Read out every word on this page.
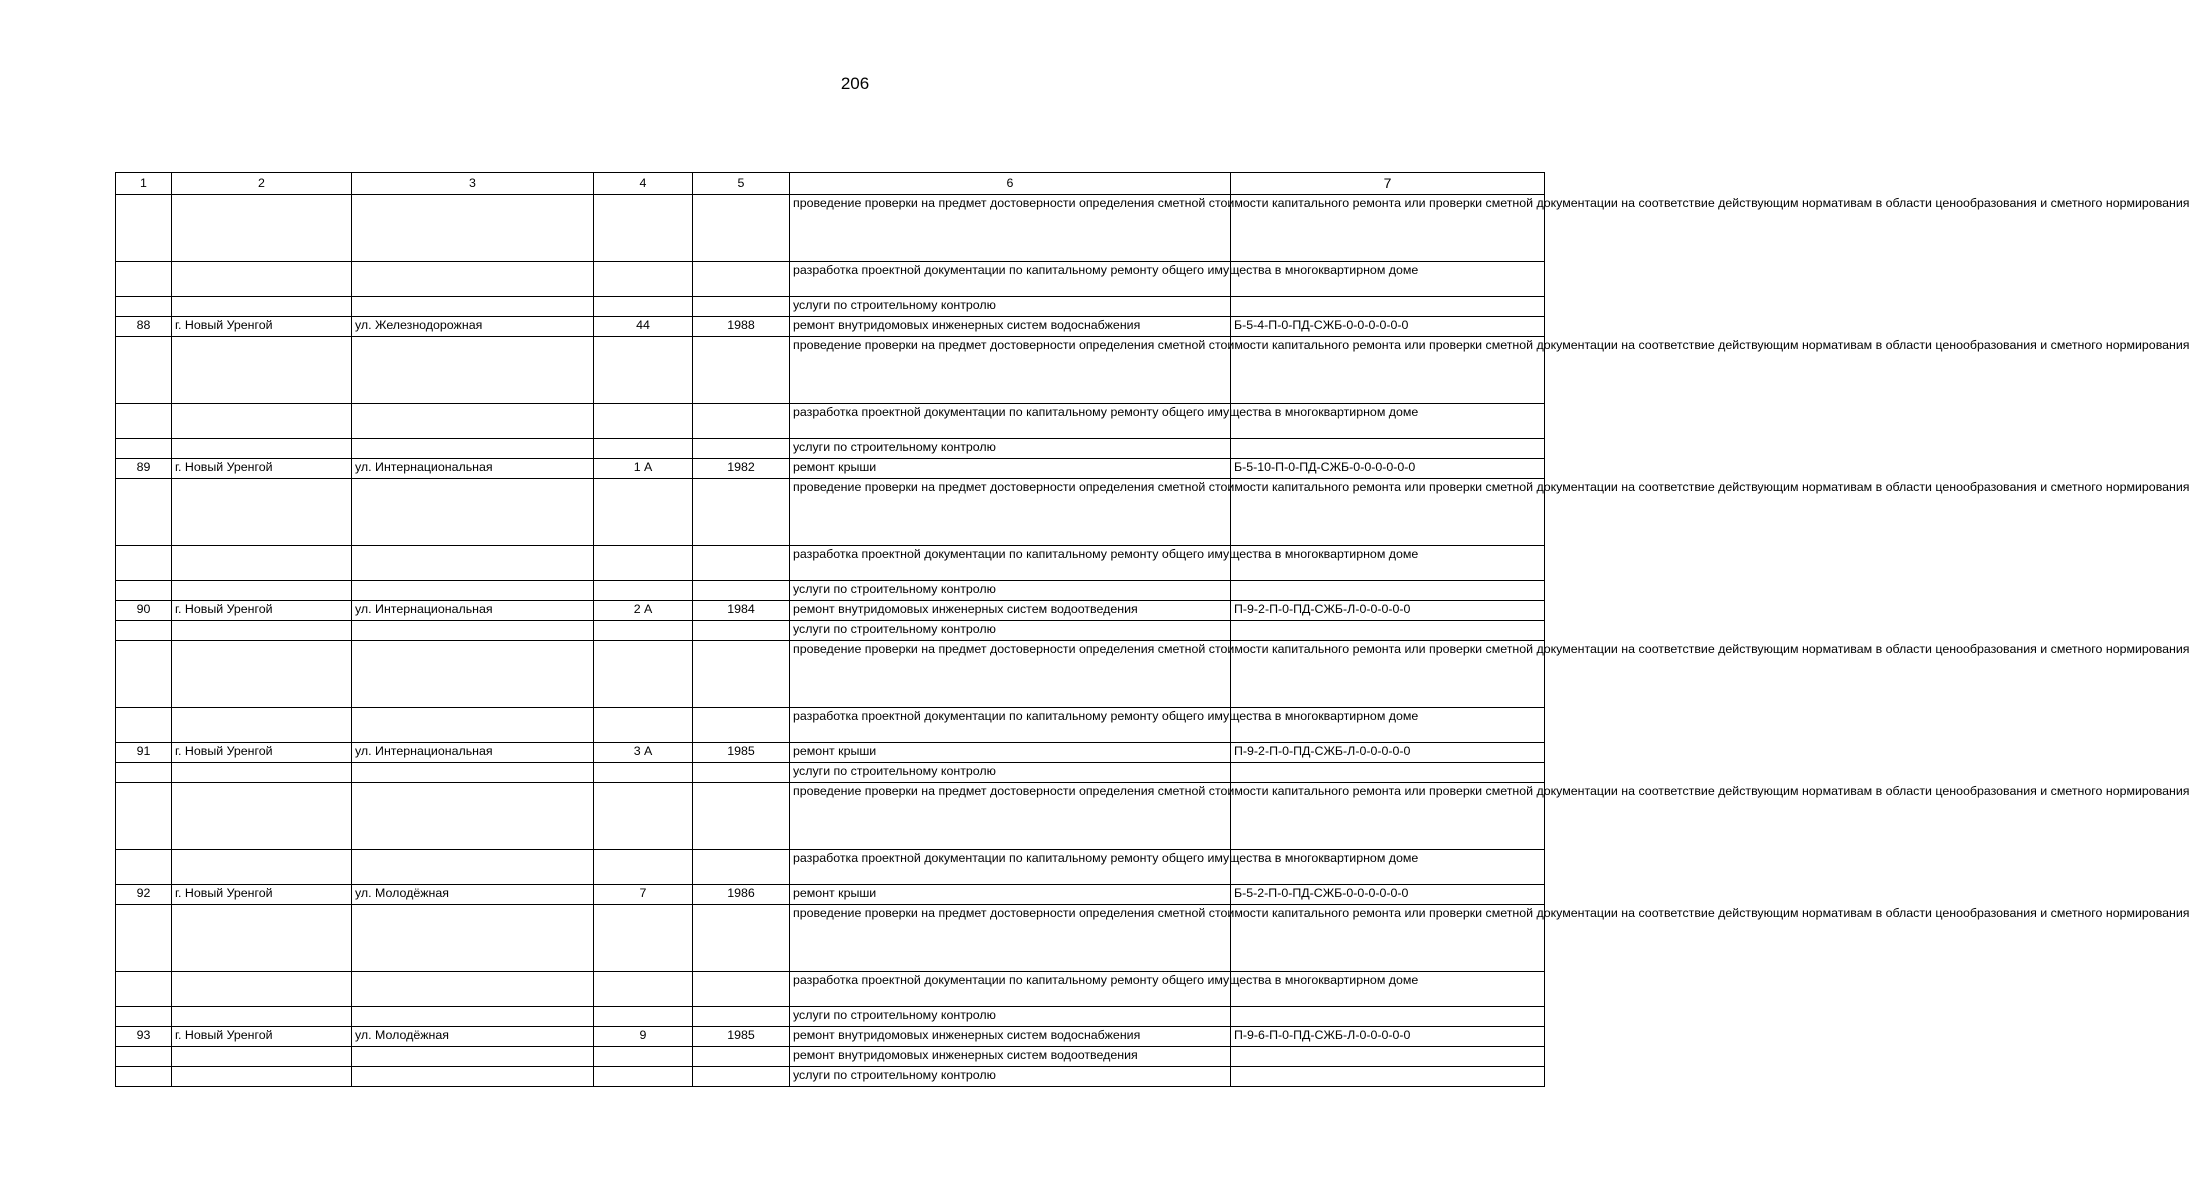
206
1	2	3	4	5	6	7
					проведение проверки на предмет достоверности определения сметной стоимости капитального ремонта или проверки сметной документации на соответствие действующим нормативам в области ценообразования и сметного нормирования	
					разработка проектной документации по капитальному ремонту общего имущества в многоквартирном доме	
					услуги по строительному контролю	
88	г. Новый Уренгой	ул. Железнодорожная	44	1988	ремонт внутридомовых инженерных систем водоснабжения	Б-5-4-П-0-ПД-СЖБ-0-0-0-0-0-0
					проведение проверки на предмет достоверности определения сметной стоимости капитального ремонта или проверки сметной документации на соответствие действующим нормативам в области ценообразования и сметного нормирования	
					разработка проектной документации по капитальному ремонту общего имущества в многоквартирном доме	
					услуги по строительному контролю	
89	г. Новый Уренгой	ул. Интернациональная	1 А	1982	ремонт крыши	Б-5-10-П-0-ПД-СЖБ-0-0-0-0-0-0
					проведение проверки на предмет достоверности определения сметной стоимости капитального ремонта или проверки сметной документации на соответствие действующим нормативам в области ценообразования и сметного нормирования	
					разработка проектной документации по капитальному ремонту общего имущества в многоквартирном доме	
					услуги по строительному контролю	
90	г. Новый Уренгой	ул. Интернациональная	2 А	1984	ремонт внутридомовых инженерных систем водоотведения	П-9-2-П-0-ПД-СЖБ-Л-0-0-0-0-0
					услуги по строительному контролю	
					проведение проверки на предмет достоверности определения сметной стоимости капитального ремонта или проверки сметной документации на соответствие действующим нормативам в области ценообразования и сметного нормирования	
					разработка проектной документации по капитальному ремонту общего имущества в многоквартирном доме	
91	г. Новый Уренгой	ул. Интернациональная	3 А	1985	ремонт крыши	П-9-2-П-0-ПД-СЖБ-Л-0-0-0-0-0
					услуги по строительному контролю	
					проведение проверки на предмет достоверности определения сметной стоимости капитального ремонта или проверки сметной документации на соответствие действующим нормативам в области ценообразования и сметного нормирования	
					разработка проектной документации по капитальному ремонту общего имущества в многоквартирном доме	
92	г. Новый Уренгой	ул. Молодёжная	7	1986	ремонт крыши	Б-5-2-П-0-ПД-СЖБ-0-0-0-0-0-0
					проведение проверки на предмет достоверности определения сметной стоимости капитального ремонта или проверки сметной документации на соответствие действующим нормативам в области ценообразования и сметного нормирования	
					разработка проектной документации по капитальному ремонту общего имущества в многоквартирном доме	
					услуги по строительному контролю	
93	г. Новый Уренгой	ул. Молодёжная	9	1985	ремонт внутридомовых инженерных систем водоснабжения	П-9-6-П-0-ПД-СЖБ-Л-0-0-0-0-0
					ремонт внутридомовых инженерных систем водоотведения	
					услуги по строительному контролю	
